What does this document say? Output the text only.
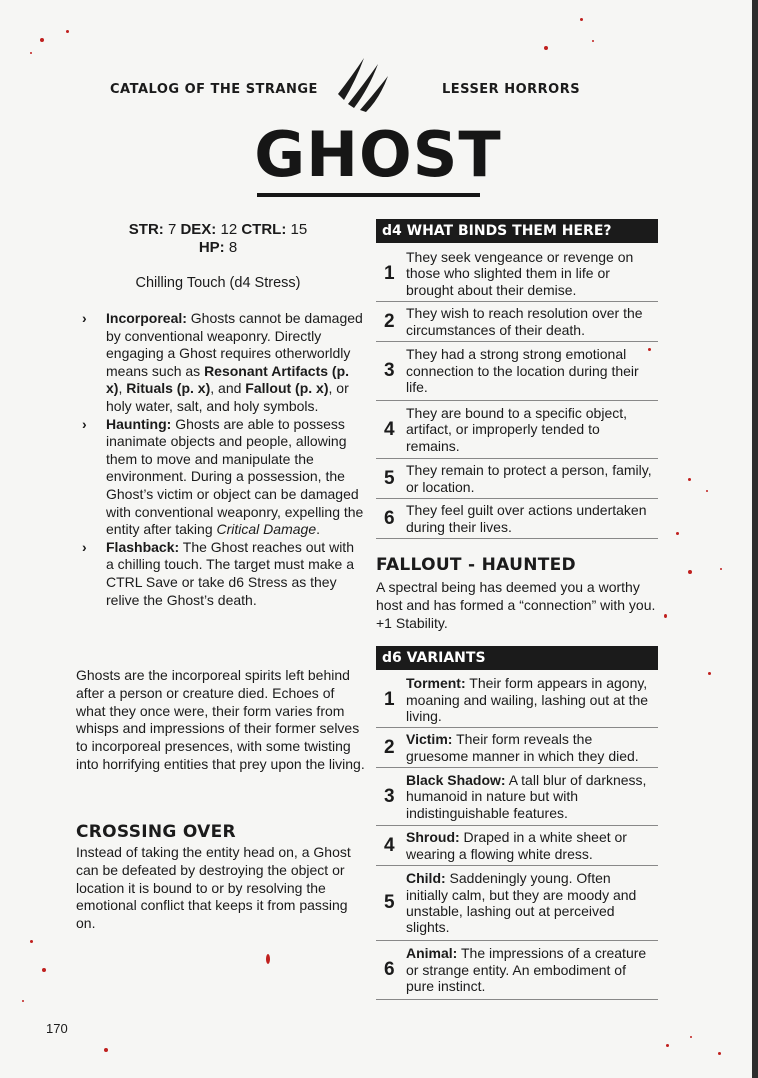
CATALOG OF THE STRANGE	LESSER HORRORS
GHOST
STR: 7 DEX: 12 CTRL: 15
HP: 8
Chilling Touch (d4 Stress)
› Incorporeal: Ghosts cannot be damaged by conventional weaponry. Directly engaging a Ghost requires otherworldly means such as Resonant Artifacts (p. x), Rituals (p. x), and Fallout (p. x), or holy water, salt, and holy symbols.
› Haunting: Ghosts are able to possess inanimate objects and people, allowing them to move and manipulate the environment. During a possession, the Ghost’s victim or object can be damaged with conventional weaponry, expelling the entity after taking Critical Damage.
› Flashback: The Ghost reaches out with a chilling touch. The target must make a CTRL Save or take d6 Stress as they relive the Ghost’s death.
Ghosts are the incorporeal spirits left behind after a person or creature died. Echoes of what they once were, their form varies from whisps and impressions of their former selves to incorporeal presences, with some twisting into horrifying entities that prey upon the living.
CROSSING OVER
Instead of taking the entity head on, a Ghost can be defeated by destroying the object or location it is bound to or by resolving the emotional conflict that keeps it from passing on.
d4 WHAT BINDS THEM HERE?
1
They seek vengeance or revenge on those who slighted them in life or brought about their demise.
2 They wish to reach resolution over the circumstances of their death.
3
They had a strong strong emotional connection to the location during their life.
4
They are bound to a specific object, artifact, or improperly tended to remains.
5 They remain to protect a person, family, or location.
6 They feel guilt over actions undertaken during their lives.
FALLOUT - HAUNTED
A spectral being has deemed you a worthy host and has formed a “connection” with you. +1 Stability.
d6 VARIANTS
1
Torment: Their form appears in agony, moaning and wailing, lashing out at the living.
2 Victim: Their form reveals the gruesome manner in which they died.
3
Black Shadow: A tall blur of darkness, humanoid in nature but with indistinguishable features.
4 Shroud: Draped in a white sheet or wearing a flowing white dress.
5
Child: Saddeningly young. Often initially calm, but they are moody and unstable, lashing out at perceived slights.
6
Animal: The impressions of a creature or strange entity. An embodiment of pure instinct.
170
